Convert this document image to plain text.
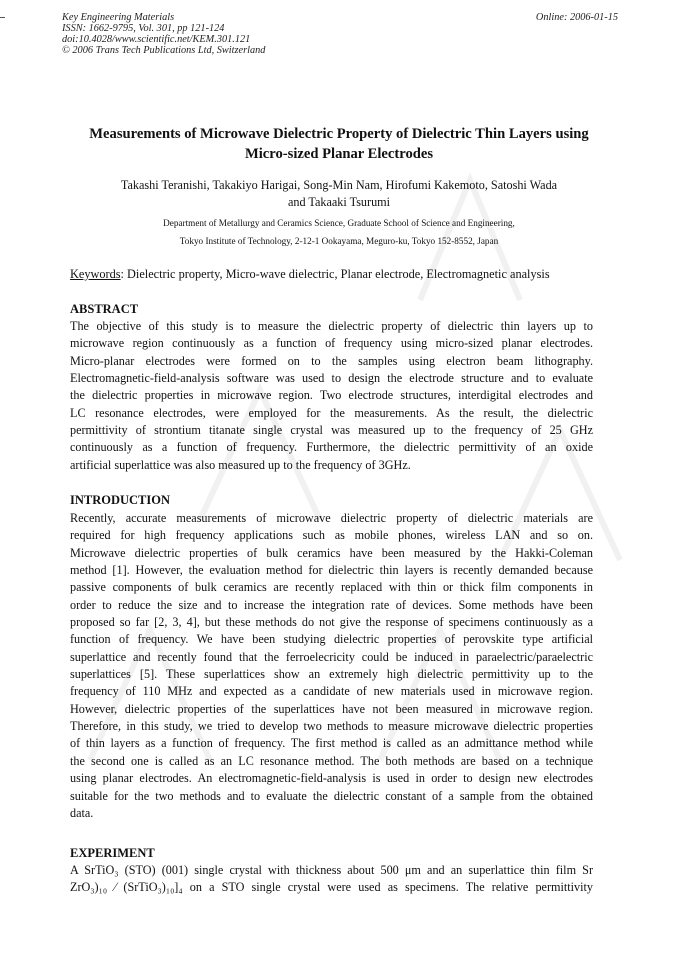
Key Engineering Materials
ISSN: 1662-9795, Vol. 301, pp 121-124
doi:10.4028/www.scientific.net/KEM.301.121
© 2006 Trans Tech Publications Ltd, Switzerland
Online: 2006-01-15
Measurements of Microwave Dielectric Property of Dielectric Thin Layers using
Micro-sized Planar Electrodes
Takashi Teranishi, Takakiyo Harigai, Song-Min Nam, Hirofumi Kakemoto, Satoshi Wada
and Takaaki Tsurumi
Department of Metallurgy and Ceramics Science, Graduate School of Science and Engineering,
Tokyo Institute of Technology, 2-12-1 Ookayama, Meguro-ku, Tokyo 152-8552, Japan
Keywords: Dielectric property, Micro-wave dielectric, Planar electrode, Electromagnetic analysis
ABSTRACT
The objective of this study is to measure the dielectric property of dielectric thin layers up to
microwave region continuously as a function of frequency using micro-sized planar electrodes.
Micro-planar electrodes were formed on to the samples using electron beam lithography.
Electromagnetic-field-analysis software was used to design the electrode structure and to evaluate
the dielectric properties in microwave region. Two electrode structures, interdigital electrodes and
LC resonance electrodes, were employed for the measurements. As the result, the dielectric
permittivity of strontium titanate single crystal was measured up to the frequency of 25 GHz
continuously as a function of frequency. Furthermore, the dielectric permittivity of an oxide
artificial superlattice was also measured up to the frequency of 3GHz.
INTRODUCTION
Recently, accurate measurements of microwave dielectric property of dielectric materials are
required for high frequency applications such as mobile phones, wireless LAN and so on.
Microwave dielectric properties of bulk ceramics have been measured by the Hakki-Coleman
method [1]. However, the evaluation method for dielectric thin layers is recently demanded because
passive components of bulk ceramics are recently replaced with thin or thick film components in
order to reduce the size and to increase the integration rate of devices. Some methods have been
proposed so far [2, 3, 4], but these methods do not give the response of specimens continuously as a
function of frequency. We have been studying dielectric properties of perovskite type artificial
superlattice and recently found that the ferroelecricity could be induced in paraelectric/paraelectric
superlattices [5]. These superlattices show an extremely high dielectric permittivity up to the
frequency of 110 MHz and expected as a candidate of new materials used in microwave region.
However, dielectric properties of the superlattices have not been measured in microwave region.
Therefore, in this study, we tried to develop two methods to measure microwave dielectric properties
of thin layers as a function of frequency. The first method is called as an admittance method while
the second one is called as an LC resonance method. The both methods are based on a technique
using planar electrodes. An electromagnetic-field-analysis is used in order to design new electrodes
suitable for the two methods and to evaluate the dielectric constant of a sample from the obtained
data.
EXPERIMENT
A SrTiO₃ (STO) (001) single crystal with thickness about 500 μm and an superlattice thin film Sr
ZrO₃)₁₀ ⁄ (SrTiO₃)₁₀]₄ on a STO single crystal were used as specimens. The relative permittivity
